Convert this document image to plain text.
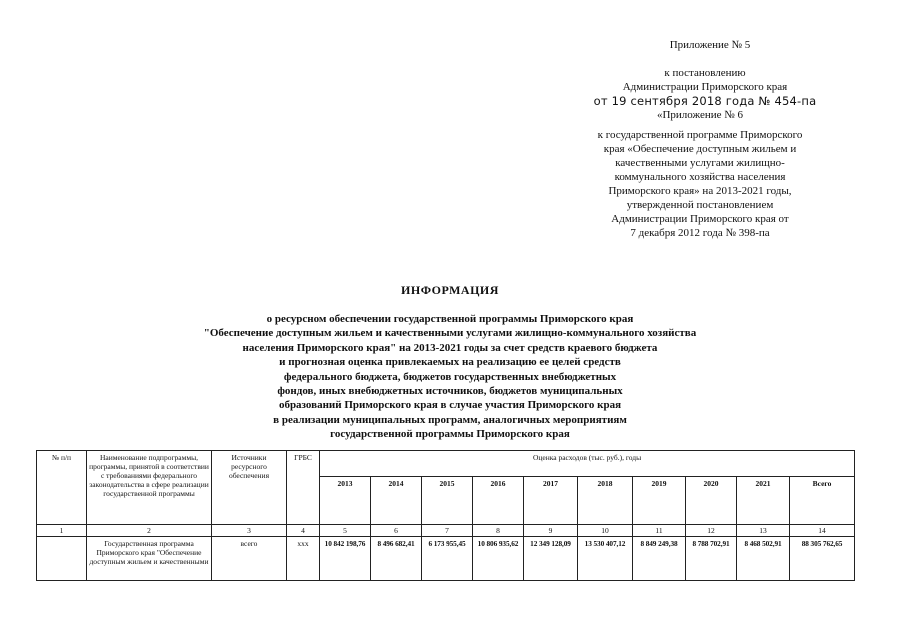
Приложение № 5
к постановлению
Администрации Приморского края
от 19 сентября 2018 года № 454-па
«Приложение № 6
к государственной программе Приморского
края «Обеспечение доступным жильем и
качественными услугами жилищно-
коммунального хозяйства населения
Приморского края» на 2013-2021 годы,
утвержденной постановлением
Администрации Приморского края от
7 декабря 2012 года № 398-па
ИНФОРМАЦИЯ
о ресурсном обеспечении государственной программы Приморского края
"Обеспечение доступным жильем и качественными услугами жилищно-коммунального хозяйства
населения Приморского края" на 2013-2021 годы за счет средств краевого бюджета
и прогнозная оценка привлекаемых на реализацию ее целей средств
федерального бюджета, бюджетов государственных внебюджетных
фондов, иных внебюджетных источников, бюджетов муниципальных
образований Приморского края в случае участия Приморского края
в реализации муниципальных программ, аналогичных мероприятиям
государственной программы Приморского края
№ п/п	Наименование подпрограммы, программы, принятой в соответствии с требованиями федерального законодательства в сфере реализации государственной программы	Источники ресурсного обеспечения	ГРБС	Оценка расходов (тыс. руб.), годы									
				2013	2014	2015	2016	2017	2018	2019	2020	2021	Всего
1	2	3	4	5	6	7	8	9	10	11	12	13	14
	Государственная программа Приморского края "Обеспечение доступным жильем и качественными	всего	ххх	10 842 198,76	8 496 682,41	6 173 955,45	10 806 935,62	12 349 128,09	13 530 407,12	8 849 249,38	8 788 702,91	8 468 502,91	88 305 762,65
